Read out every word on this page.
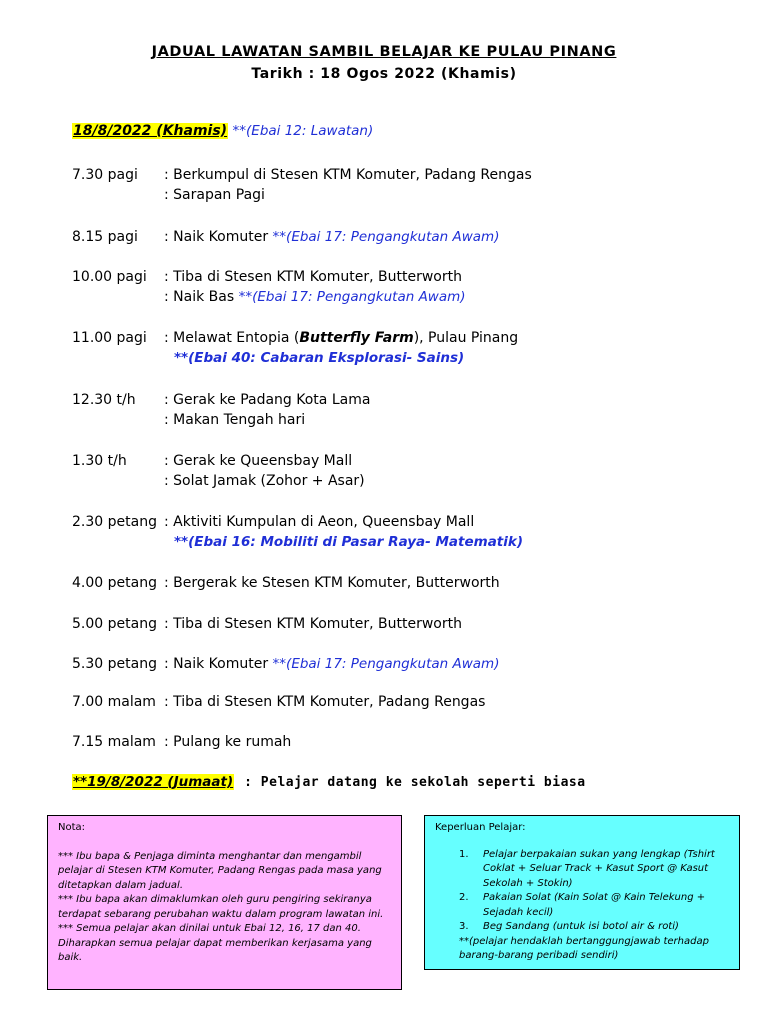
JADUAL LAWATAN SAMBIL BELAJAR KE PULAU PINANG
Tarikh : 18 Ogos 2022 (Khamis)
18/8/2022 (Khamis) **(Ebai 12: Lawatan)
7.30 pagi : Berkumpul di Stesen KTM Komuter, Padang Rengas
: Sarapan Pagi
8.15 pagi : Naik Komuter **(Ebai 17: Pengangkutan Awam)
10.00 pagi : Tiba di Stesen KTM Komuter, Butterworth
: Naik Bas **(Ebai 17: Pengangkutan Awam)
11.00 pagi : Melawat Entopia (Butterfly Farm), Pulau Pinang
**(Ebai 40: Cabaran Eksplorasi- Sains)
12.30 t/h : Gerak ke Padang Kota Lama
: Makan Tengah hari
1.30 t/h	: Gerak ke Queensbay Mall
: Solat Jamak (Zohor + Asar)
2.30 petang : Aktiviti Kumpulan di Aeon, Queensbay Mall
**(Ebai 16: Mobiliti di Pasar Raya- Matematik)
4.00 petang : Bergerak ke Stesen KTM Komuter, Butterworth
5.00 petang : Tiba di Stesen KTM Komuter, Butterworth
5.30 petang : Naik Komuter **(Ebai 17: Pengangkutan Awam)
7.00 malam : Tiba di Stesen KTM Komuter, Padang Rengas
7.15 malam : Pulang ke rumah
**19/8/2022 (Jumaat) : Pelajar datang ke sekolah seperti biasa
Nota:

*** Ibu bapa & Penjaga diminta menghantar dan mengambil pelajar di Stesen KTM Komuter, Padang Rengas pada masa yang ditetapkan dalam jadual.

*** Ibu bapa akan dimaklumkan oleh guru pengiring sekiranya terdapat sebarang perubahan waktu dalam program lawatan ini.

*** Semua pelajar akan dinilai untuk Ebai 12, 16, 17 dan 40. Diharapkan semua pelajar dapat memberikan kerjasama yang baik.

Keperluan Pelajar:
1. Pelajar berpakaian sukan yang lengkap (Tshirt Coklat + Seluar Track + Kasut Sport @ Kasut Sekolah + Stokin)
2. Pakaian Solat (Kain Solat @ Kain Telekung + Sejadah kecil)
3. Beg Sandang (untuk isi botol air & roti)
**(pelajar hendaklah bertanggungjawab terhadap barang-barang peribadi sendiri)
